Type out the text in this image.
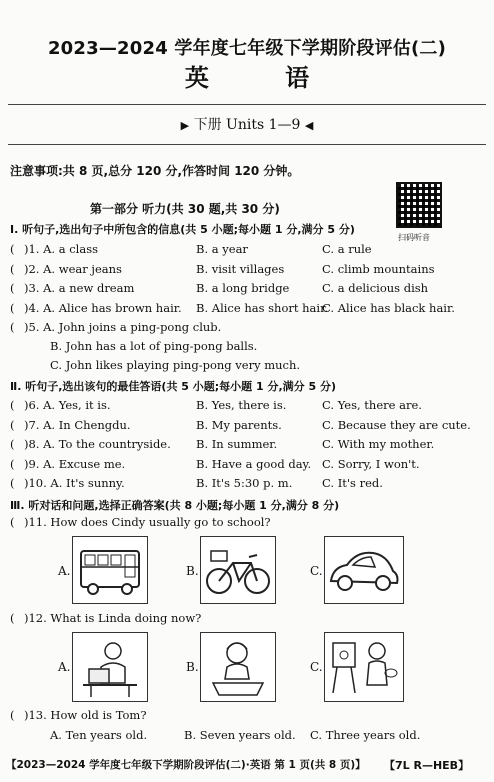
2023—2024 学年度七年级下学期阶段评估(二)
英 语
▶ 下册 Units 1—9 ◀
注意事项:共 8 页,总分 120 分,作答时间 120 分钟。
扫码听音
第一部分 听力(共 30 题,共 30 分)
Ⅰ. 听句子,选出句子中所包含的信息(共 5 小题;每小题 1 分,满分 5 分)
( )1. A. a class	B. a year	C. a rule
( )2. A. wear jeans	B. visit villages	C. climb mountains
( )3. A. a new dream	B. a long bridge	C. a delicious dish
( )4. A. Alice has brown hair. B. Alice has short hair.
C. Alice has black hair.
( )5. A. John joins a ping-pong club.
B. John has a lot of ping-pong balls.
C. John likes playing ping-pong very much.
Ⅱ. 听句子,选出该句的最佳答语(共 5 小题;每小题 1 分,满分 5 分)
( )6. A. Yes, it is.	B. Yes, there is.	C. Yes, there are.
( )7. A. In Chengdu.	B. My parents.	C. Because they are cute.
( )8. A. To the countryside. B. In summer.	C. With my mother.
( )9. A. Excuse me.	B. Have a good day. C. Sorry, I won't.
( )10. A. It's sunny.	B. It's 5:30 p. m.	C. It's red.
Ⅲ. 听对话和问题,选择正确答案(共 8 小题;每小题 1 分,满分 8 分)
( )11. How does Cindy usually go to school?
A.	B.	C.
( )12. What is Linda doing now?
A.	B.	C.
( )13. How old is Tom?
A. Ten years old.	B. Seven years old. C. Three years old.
【2023—2024 学年度七年级下学期阶段评估(二)·英语 第 1 页(共 8 页)】 【7L R—HEB】
